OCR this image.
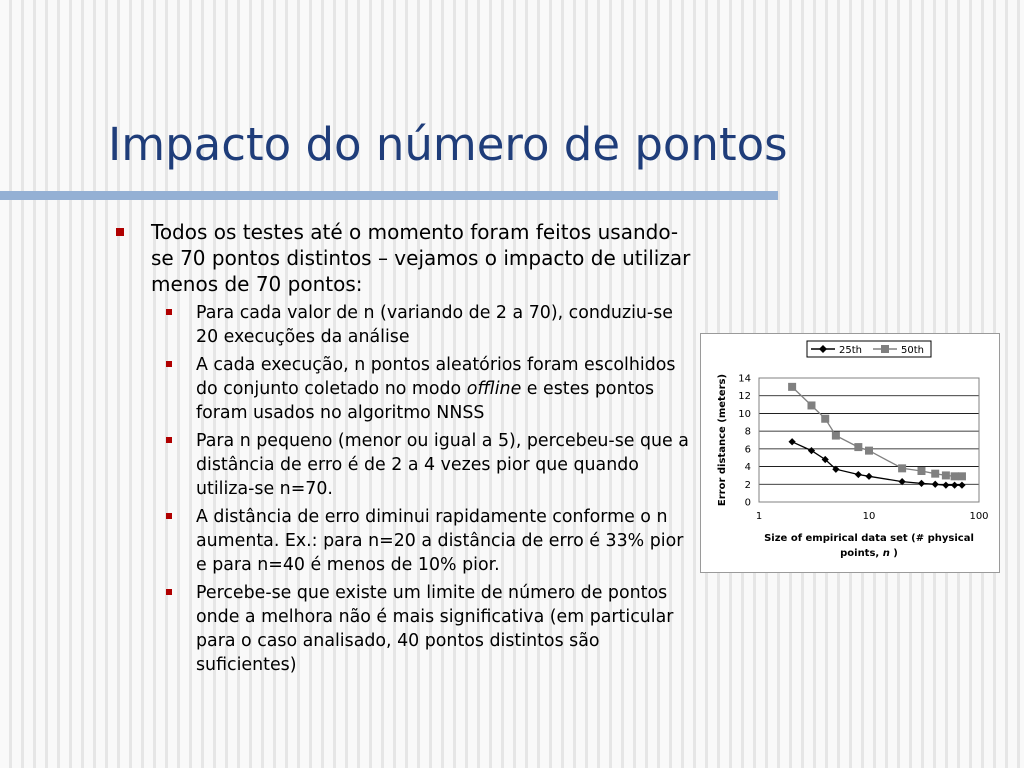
Impacto do número de pontos
Todos os testes até o momento foram feitos usando-se 70 pontos distintos – vejamos o impacto de utilizar menos de 70 pontos:
Para cada valor de n (variando de 2 a 70), conduziu-se 20 execuções da análise
A cada execução, n pontos aleatórios foram escolhidos do conjunto coletado no modo offline e estes pontos foram usados no algoritmo NNSS
Para n pequeno (menor ou igual a 5), percebeu-se que a distância de erro é de 2 a 4 vezes pior que quando utiliza-se n=70.
A distância de erro diminui rapidamente conforme o n aumenta. Ex.: para n=20 a distância de erro é 33% pior e para n=40 é menos de 10% pior.
Percebe-se que existe um limite de número de pontos onde a melhora não é mais significativa (em particular para o caso analisado, 40 pontos distintos são suficientes)
25th	50th
0
2
4
6
8
10
12
14
1	10	100
Error distance (meters)
Size of empirical data set (# physical
points, n )
